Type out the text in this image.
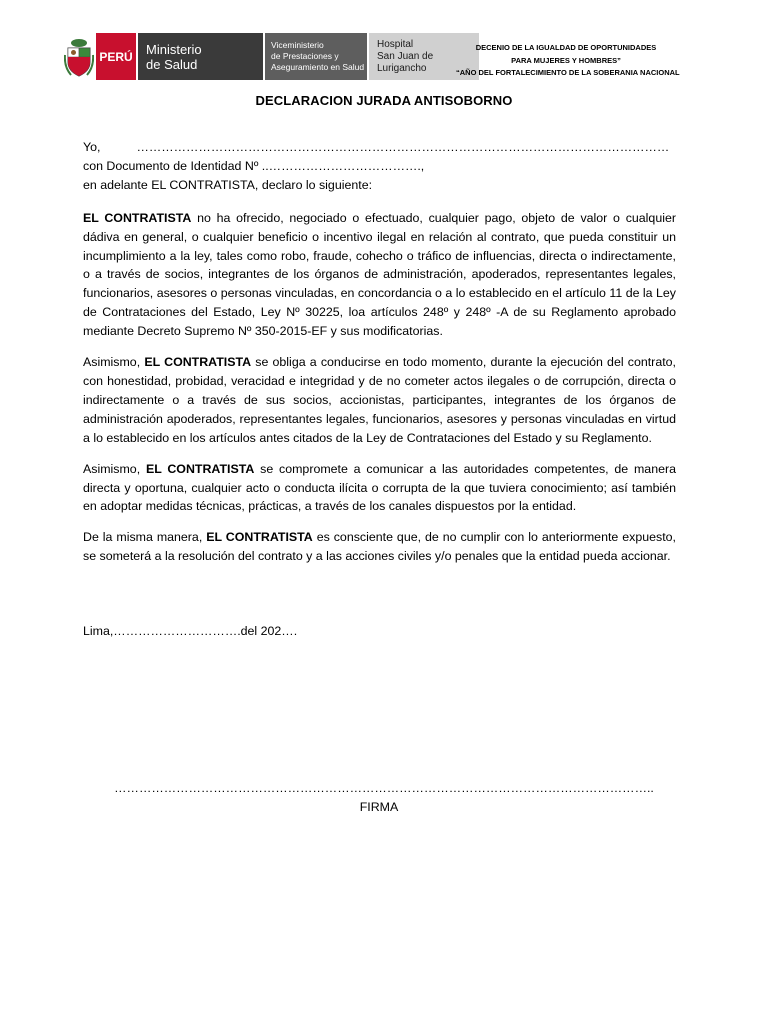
PERÚ Ministerio
de Salud
Viceministerio
de Prestaciones y
Aseguramiento en Salud
Hospital
San Juan de Lurigancho
DECENIO DE LA IGUALDAD DE OPORTUNIDADES
PARA MUJERES Y HOMBRES”
“AÑO DEL FORTALECIMIENTO DE LA SOBERANIA NACIONAL
DECLARACION JURADA ANTISOBORNO

Yo,	…………………………………………………………………………………………………………………con Documento de Identidad Nº ..……………………………….,
en adelante EL CONTRATISTA, declaro lo siguiente:

EL CONTRATISTA no ha ofrecido, negociado o efectuado, cualquier pago, objeto de valor o cualquier dádiva en general, o cualquier beneficio o incentivo ilegal en relación al contrato, que pueda constituir un incumplimiento a la ley, tales como robo, fraude, cohecho o tráfico de influencias, directa o indirectamente, o a través de socios, integrantes de los órganos de administración, apoderados, representantes legales, funcionarios, asesores o personas vinculadas, en concordancia o a lo establecido en el artículo 11 de la Ley de Contrataciones del Estado, Ley Nº 30225, loa artículos 248º y 248º -A de su Reglamento aprobado mediante Decreto Supremo Nº 350-2015-EF y sus modificatorias.

Asimismo, EL CONTRATISTA se obliga a conducirse en todo momento, durante la ejecución del contrato, con honestidad, probidad, veracidad e integridad y de no cometer actos ilegales o de corrupción, directa o indirectamente o a través de sus socios, accionistas, participantes, integrantes de los órganos de administración apoderados, representantes legales, funcionarios, asesores y personas vinculadas en virtud a lo establecido en los artículos antes citados de la Ley de Contrataciones del Estado y su Reglamento.

Asimismo, EL CONTRATISTA se compromete a comunicar a las autoridades competentes, de manera directa y oportuna, cualquier acto o conducta ilícita o corrupta de la que tuviera conocimiento; así también en adoptar medidas técnicas, prácticas, a través de los canales dispuestos por la entidad.

De la misma manera, EL CONTRATISTA es consciente que, de no cumplir con lo anteriormente expuesto, se someterá a la resolución del contrato y a las acciones civiles y/o penales que la entidad pueda accionar.

Lima,………………………….del 202….
…………………………………………………………………………………………………………………..
FIRMA
